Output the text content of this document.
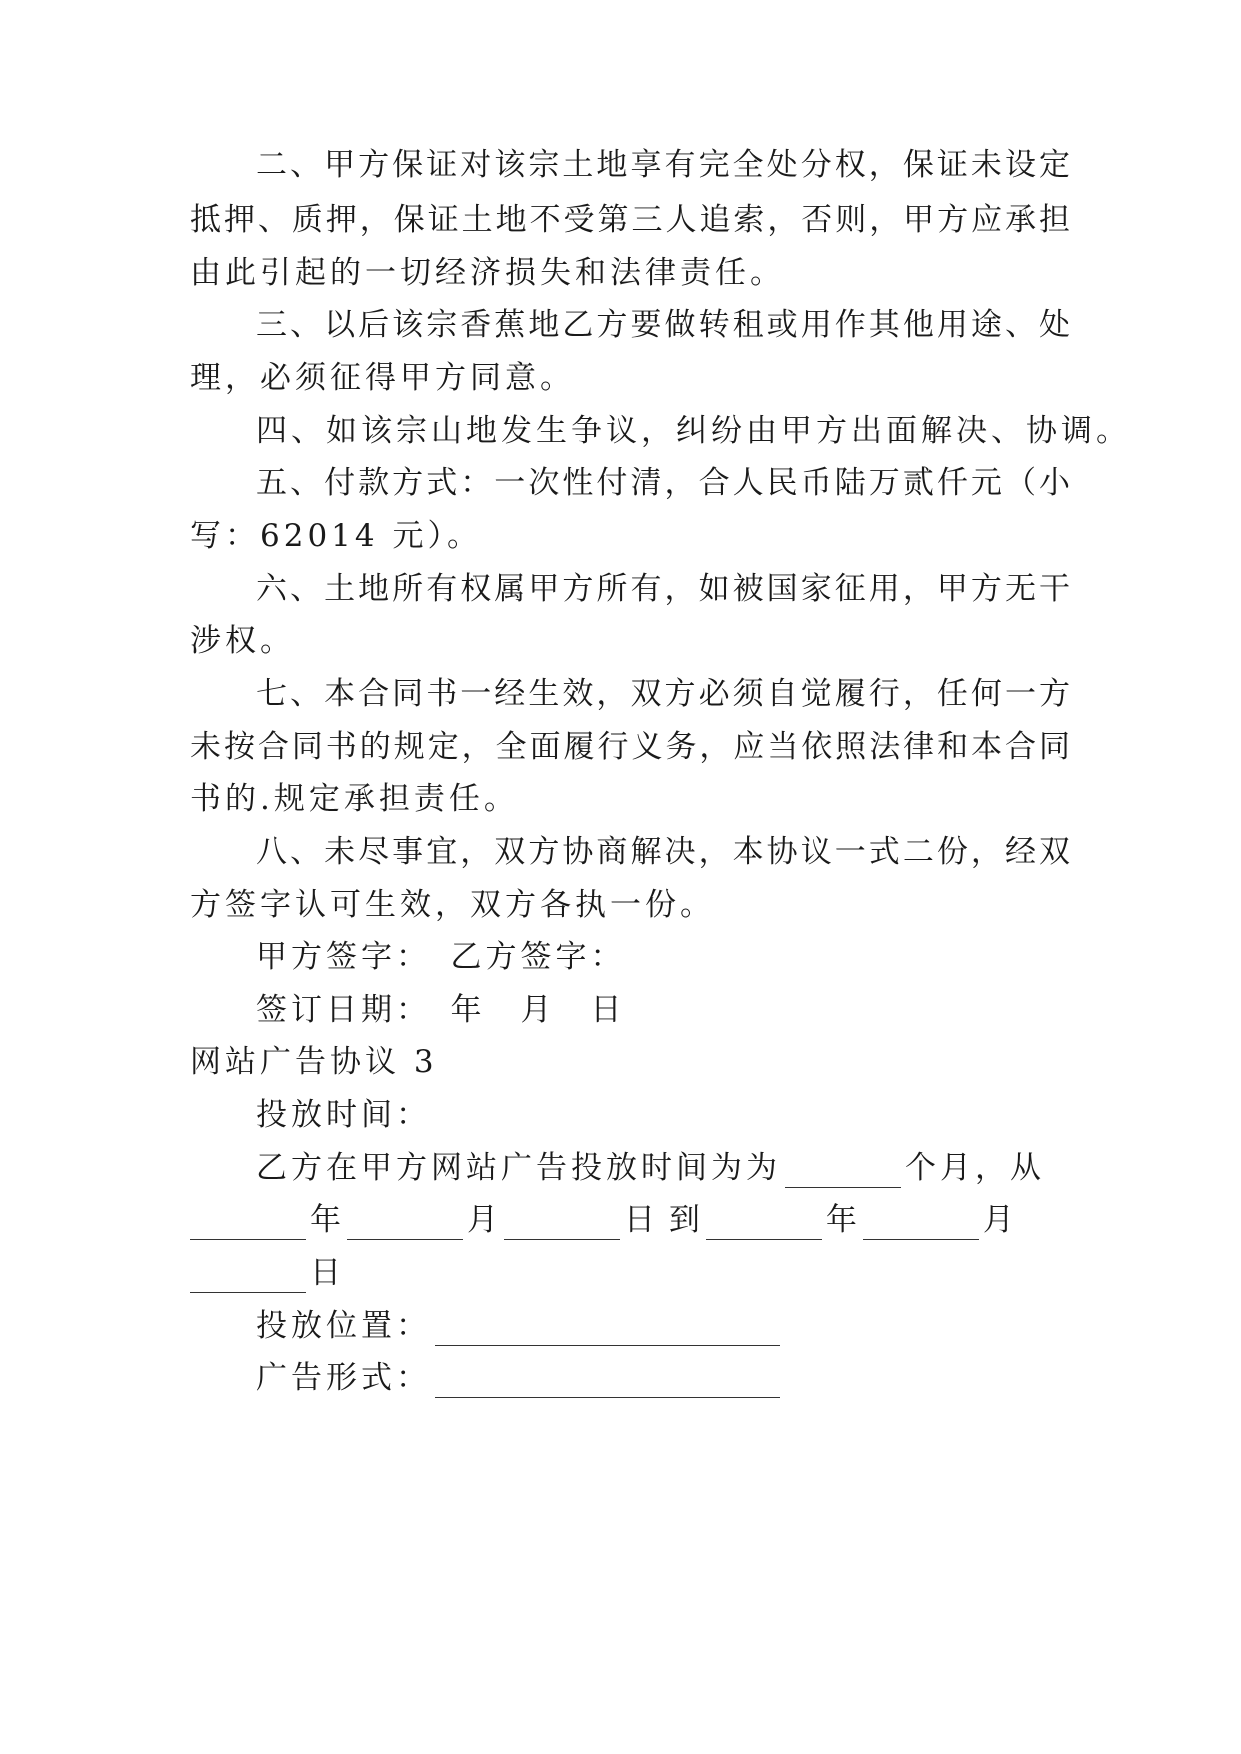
二、甲方保证对该宗土地享有完全处分权，保证未设定
抵押、质押，保证土地不受第三人追索，否则，甲方应承担
由此引起的一切经济损失和法律责任。
三、以后该宗香蕉地乙方要做转租或用作其他用途、处
理，必须征得甲方同意。
四、如该宗山地发生争议，纠纷由甲方出面解决、协调。
五、付款方式：一次性付清，合人民币陆万贰仟元（小
写：62014 元）。
六、土地所有权属甲方所有，如被国家征用，甲方无干
涉权。
七、本合同书一经生效，双方必须自觉履行，任何一方
未按合同书的规定，全面履行义务，应当依照法律和本合同
书的.规定承担责任。
八、未尽事宜，双方协商解决，本协议一式二份，经双
方签字认可生效，双方各执一份。
甲方签字：　乙方签字：
签订日期：　年　月　日
网站广告协议 3
投放时间：
乙方在甲方网站广告投放时间为为	个月，从
年	月	日 到	年	月
日
投放位置：
广告形式：
